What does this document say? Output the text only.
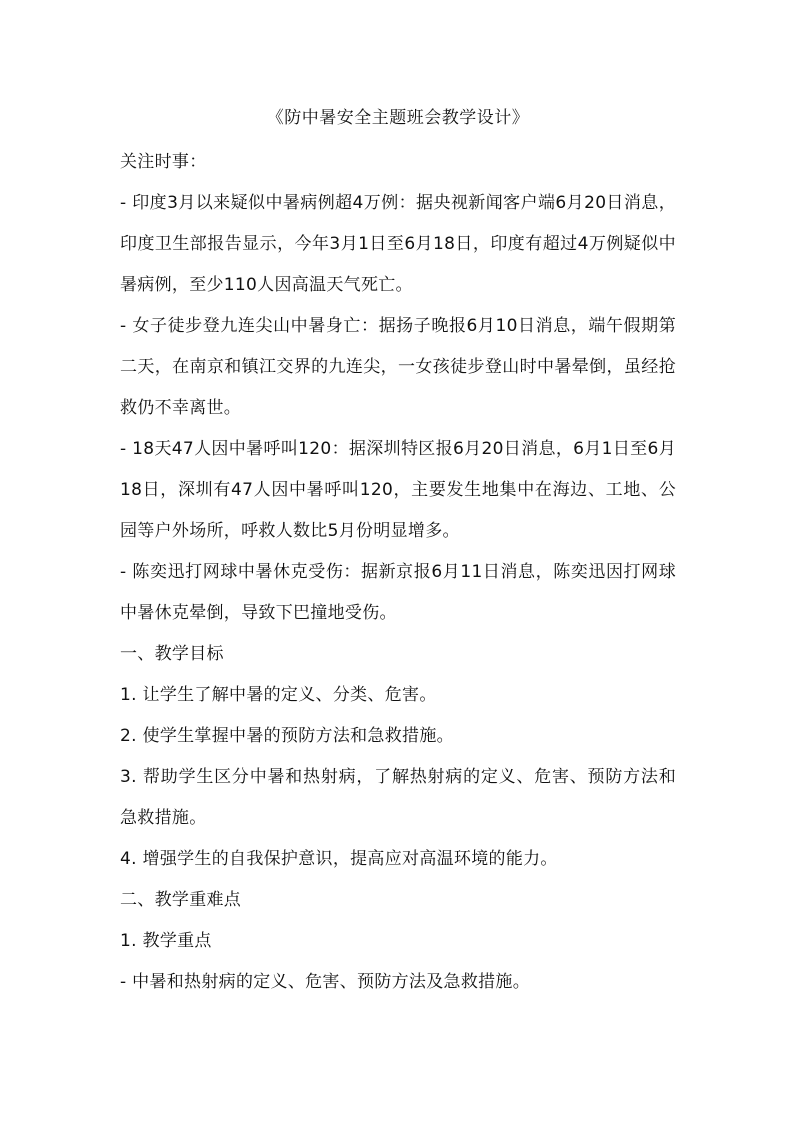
《防中暑安全主题班会教学设计》

关注时事：

- 印度3月以来疑似中暑病例超4万例：据央视新闻客户端6月20日消息，印度卫生部报告显示，今年3月1日至6月18日，印度有超过4万例疑似中暑病例，至少110人因高温天气死亡。

- 女子徒步登九连尖山中暑身亡：据扬子晚报6月10日消息，端午假期第二天，在南京和镇江交界的九连尖，一女孩徒步登山时中暑晕倒，虽经抢救仍不幸离世。

- 18天47人因中暑呼叫120：据深圳特区报6月20日消息，6月1日至6月18日，深圳有47人因中暑呼叫120，主要发生地集中在海边、工地、公园等户外场所，呼救人数比5月份明显增多。

- 陈奕迅打网球中暑休克受伤：据新京报6月11日消息，陈奕迅因打网球中暑休克晕倒，导致下巴撞地受伤。

一、教学目标

1. 让学生了解中暑的定义、分类、危害。

2. 使学生掌握中暑的预防方法和急救措施。

3. 帮助学生区分中暑和热射病，了解热射病的定义、危害、预防方法和急救措施。

4. 增强学生的自我保护意识，提高应对高温环境的能力。

二、教学重难点

1. 教学重点

- 中暑和热射病的定义、危害、预防方法及急救措施。
